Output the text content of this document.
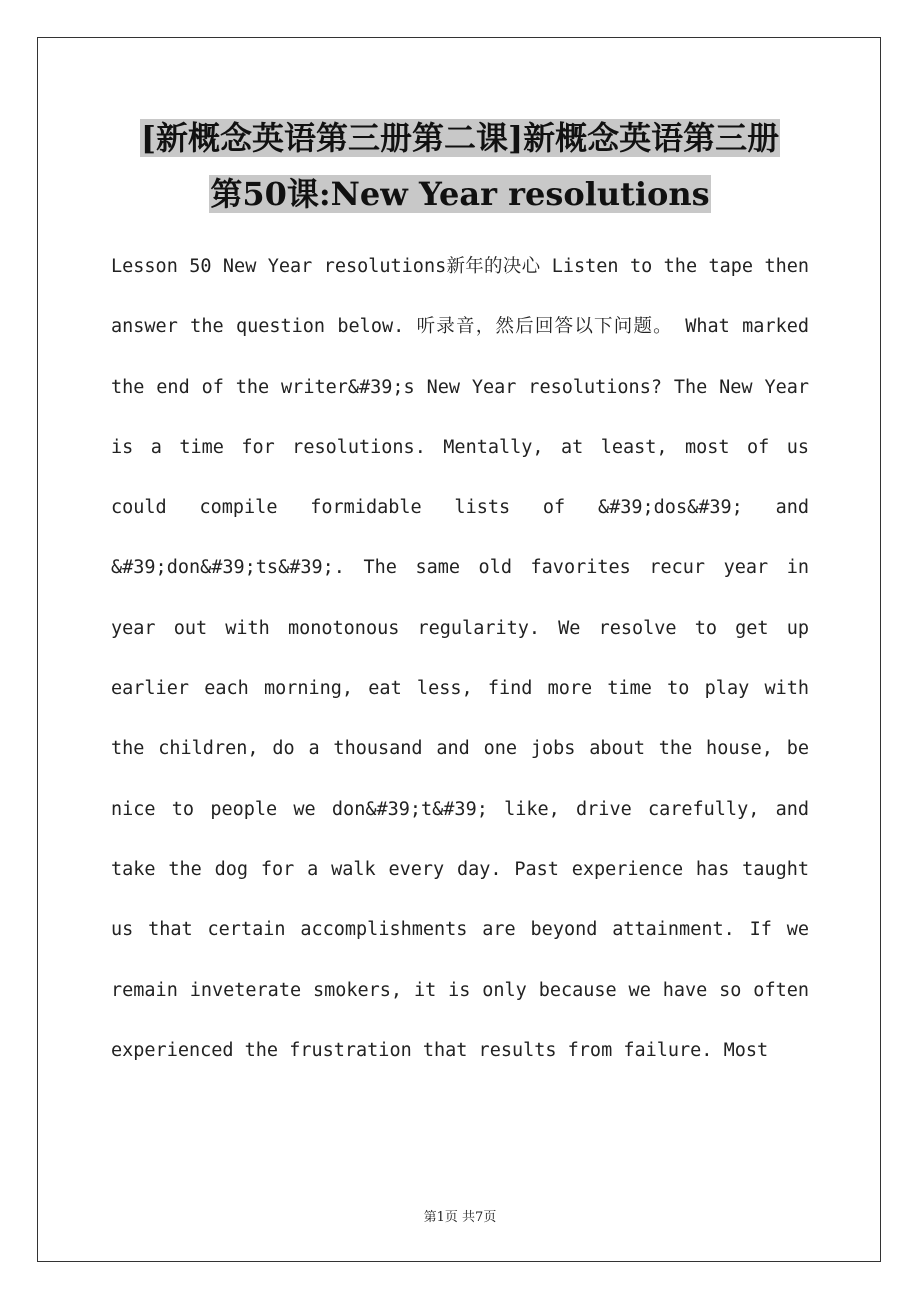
[新概念英语第三册第二课]新概念英语第三册
第50课:New Year resolutions

Lesson 50 New Year resolutions新年的决心 Listen to the tape then answer the question below. 听录音，然后回答以下问题。 What marked the end of the writer&#39;s New Year resolutions? The New Year is a time for resolutions. Mentally, at least, most of us could compile formidable lists of &#39;dos&#39; and &#39;don&#39;ts&#39;. The same old favorites recur year in year out with monotonous regularity. We resolve to get up earlier each morning, eat less, find more time to play with the children, do a thousand and one jobs about the house, be nice to people we don&#39;t&#39; like, drive carefully, and take the dog for a walk every day. Past experience has taught us that certain accomplishments are beyond attainment. If we remain inveterate smokers, it is only because we have so often experienced the frustration that results from failure. Most

第1页 共7页
